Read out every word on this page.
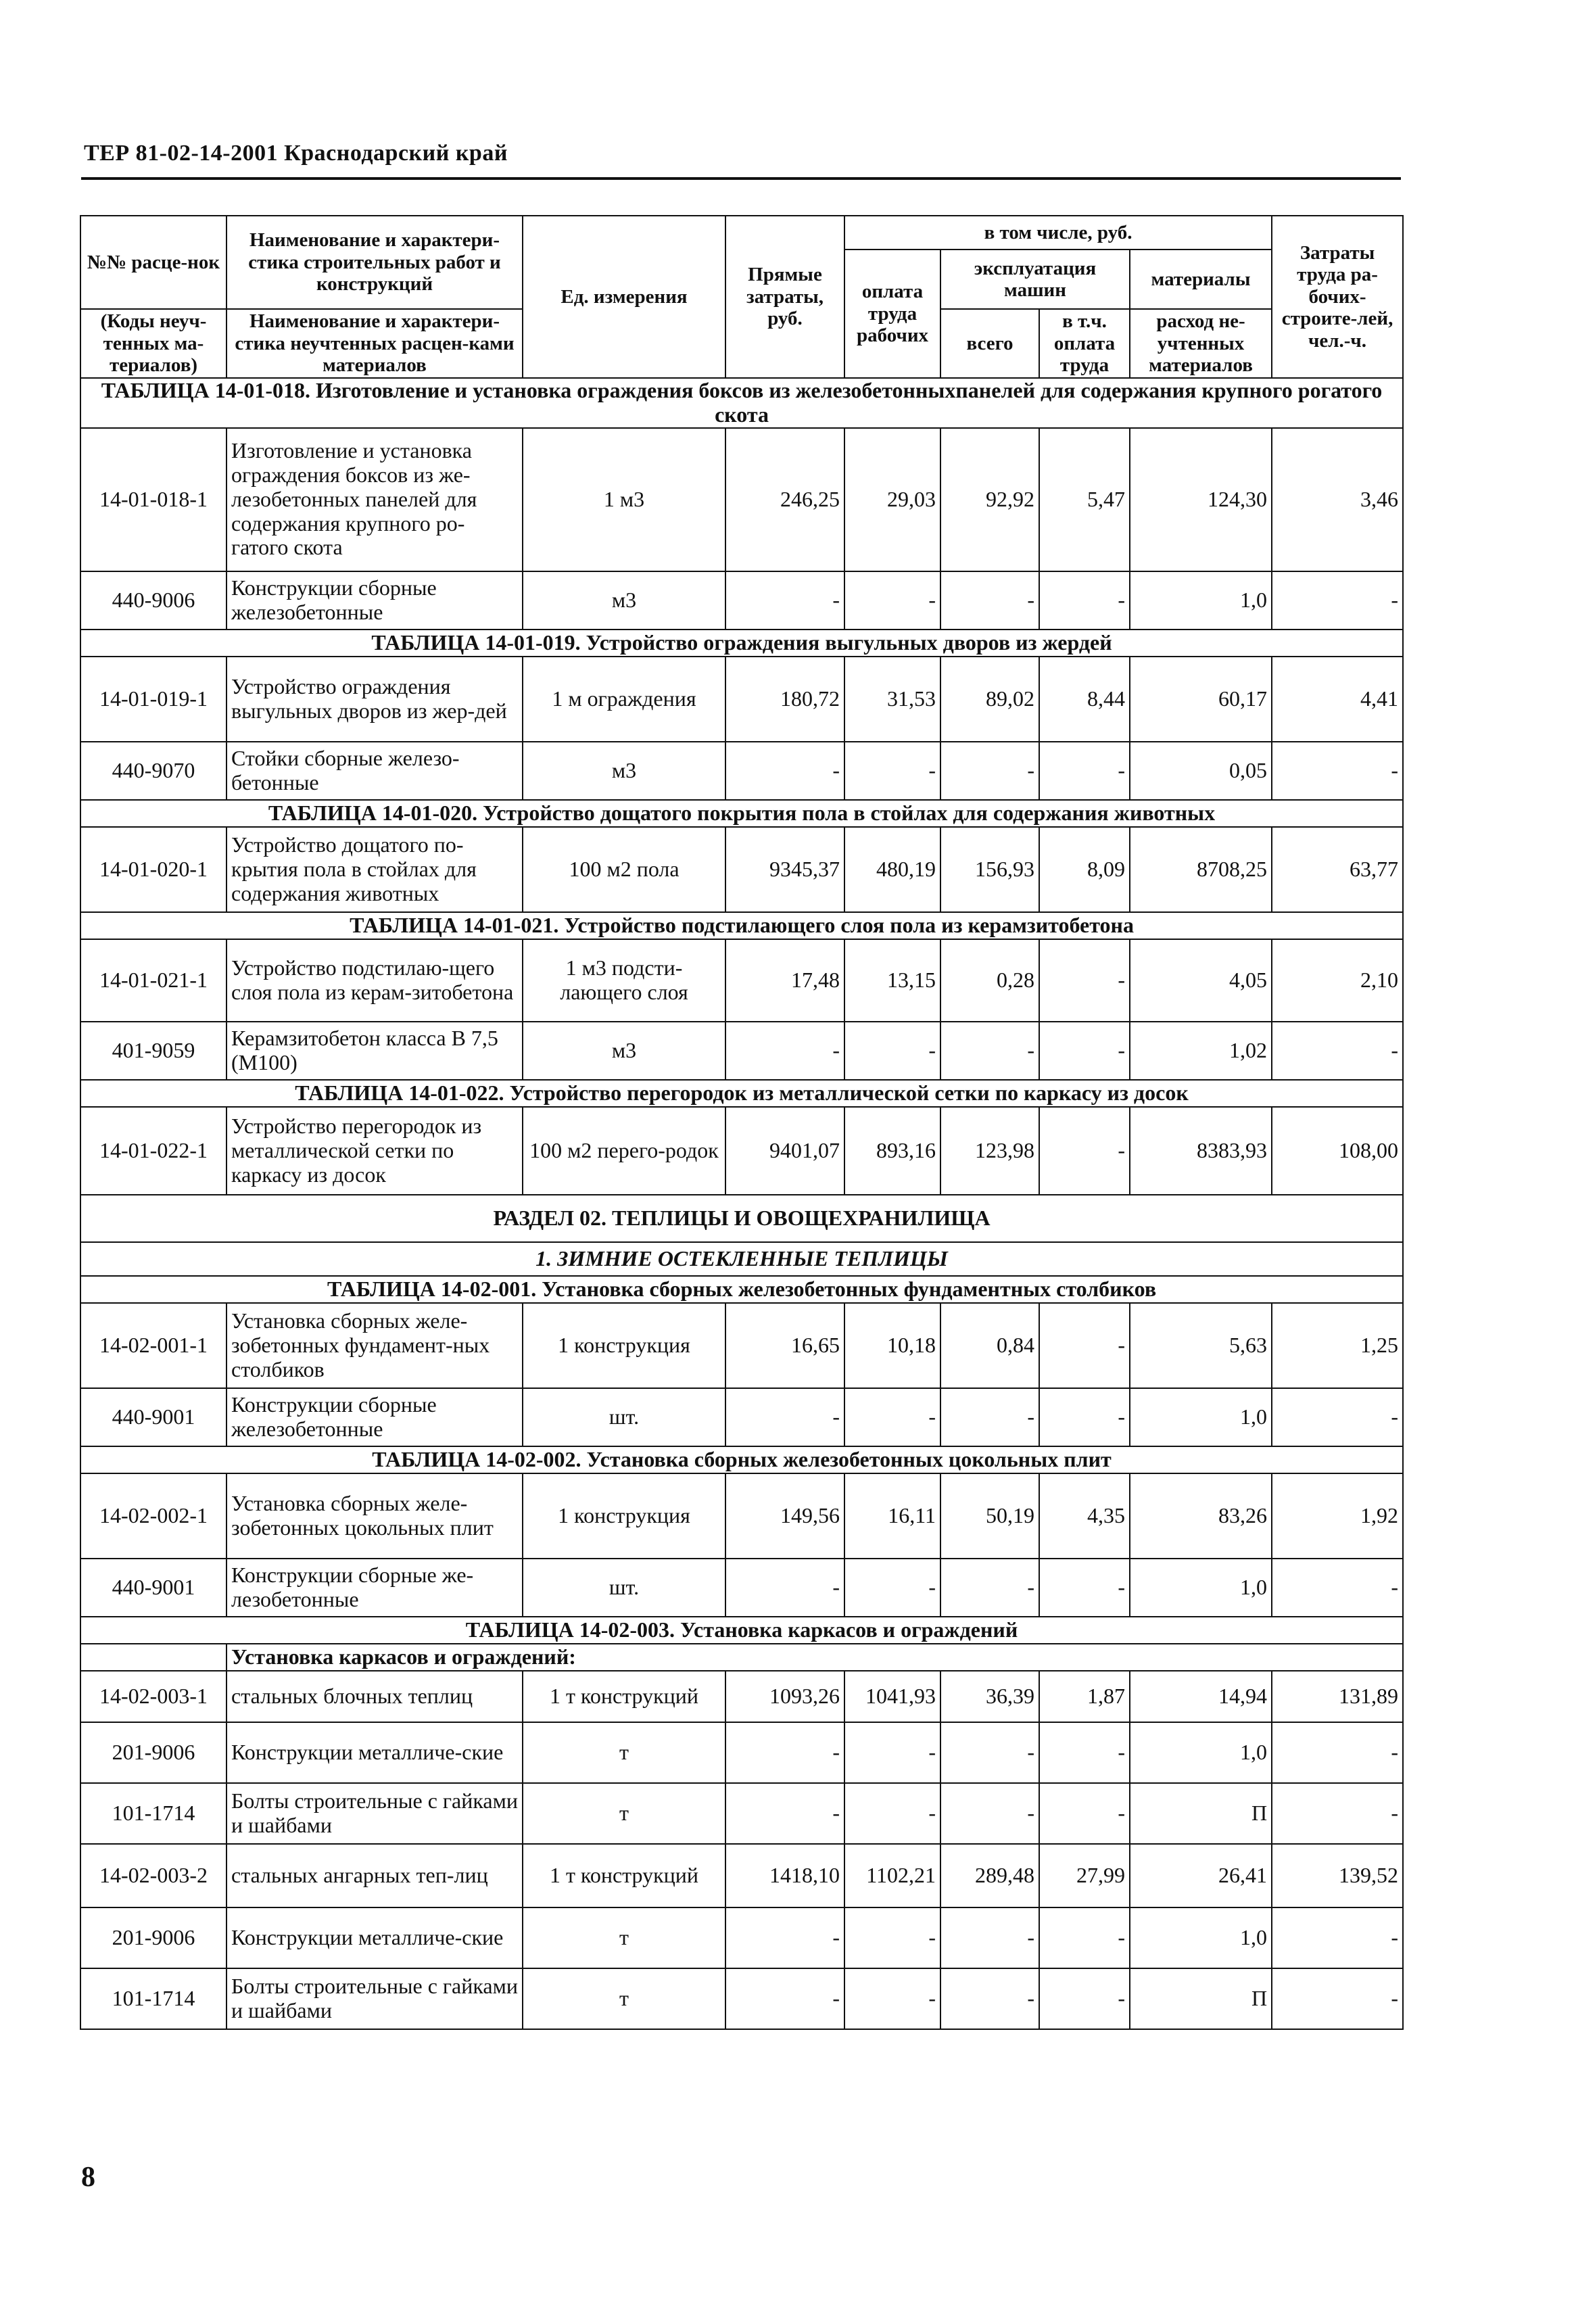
ТЕР 81-02-14-2001 Краснодарский край
№№ расце-нок	Наименование и характери-стика строительных работ и конструкций	Ед. измерения	Прямые затраты, руб.	в том числе, руб.				Затраты труда ра-бочих-строите-лей, чел.-ч.
				оплата труда рабочих	эксплуатация машин		материалы	

(Коды неуч-тенных ма-териалов)	Наименование и характери-стика неучтенных расцен-ками материалов				всего	в т.ч. оплата труда	расход не-учтенных материалов	

ТАБЛИЦА 14-01-018. Изготовление и установка ограждения боксов из железобетонныхпанелей для содержания крупного рогатого скота								
14-01-018-1	Изготовление и установка ограждения боксов из же-лезобетонных панелей для содержания крупного ро-гатого скота	1 м3	246,25	29,03	92,92	5,47	124,30	3,46
440-9006	Конструкции сборные железобетонные	м3	-	-	-	-	1,0	-
ТАБЛИЦА 14-01-019. Устройство ограждения выгульных дворов из жердей								
14-01-019-1	Устройство ограждения выгульных дворов из жер-дей	1 м ограждения	180,72	31,53	89,02	8,44	60,17	4,41
440-9070	Стойки сборные железо-бетонные	м3	-	-	-	-	0,05	-
ТАБЛИЦА 14-01-020. Устройство дощатого покрытия пола в стойлах для содержания животных								
14-01-020-1	Устройство дощатого по-крытия пола в стойлах для содержания животных	100 м2 пола	9345,37	480,19	156,93	8,09	8708,25	63,77
ТАБЛИЦА 14-01-021. Устройство подстилающего слоя пола из керамзитобетона								
14-01-021-1	Устройство подстилаю-щего слоя пола из керам-зитобетона	1 м3 подсти-лающего слоя	17,48	13,15	0,28	-	4,05	2,10
401-9059	Керамзитобетон класса В 7,5 (М100)	м3	-	-	-	-	1,02	-
ТАБЛИЦА 14-01-022. Устройство перегородок из металлической сетки по каркасу из досок								
14-01-022-1	Устройство перегородок из металлической сетки по каркасу из досок	100 м2 перего-родок	9401,07	893,16	123,98	-	8383,93	108,00
РАЗДЕЛ 02. ТЕПЛИЦЫ И ОВОЩЕХРАНИЛИЩА								
1. ЗИМНИЕ ОСТЕКЛЕННЫЕ ТЕПЛИЦЫ								
ТАБЛИЦА 14-02-001. Установка сборных железобетонных фундаментных столбиков								
14-02-001-1	Установка сборных желе-зобетонных фундамент-ных столбиков	1 конструкция	16,65	10,18	0,84	-	5,63	1,25
440-9001	Конструкции сборные железобетонные	шт.	-	-	-	-	1,0	-
ТАБЛИЦА 14-02-002. Установка сборных железобетонных цокольных плит								
14-02-002-1	Установка сборных желе-зобетонных цокольных плит	1 конструкция	149,56	16,11	50,19	4,35	83,26	1,92
440-9001	Конструкции сборные же-лезобетонные	шт.	-	-	-	-	1,0	-
ТАБЛИЦА 14-02-003. Установка каркасов и ограждений								
	Установка каркасов и ограждений:							
14-02-003-1	стальных блочных теплиц	1 т конструкций	1093,26	1041,93	36,39	1,87	14,94	131,89
201-9006	Конструкции металличе-ские	т	-	-	-	-	1,0	-
101-1714	Болты строительные с гайками и шайбами	т	-	-	-	-	П	-
14-02-003-2	стальных ангарных теп-лиц	1 т конструкций	1418,10	1102,21	289,48	27,99	26,41	139,52
201-9006	Конструкции металличе-ские	т	-	-	-	-	1,0	-
101-1714	Болты строительные с гайками и шайбами	т	-	-	-	-	П	-
8
